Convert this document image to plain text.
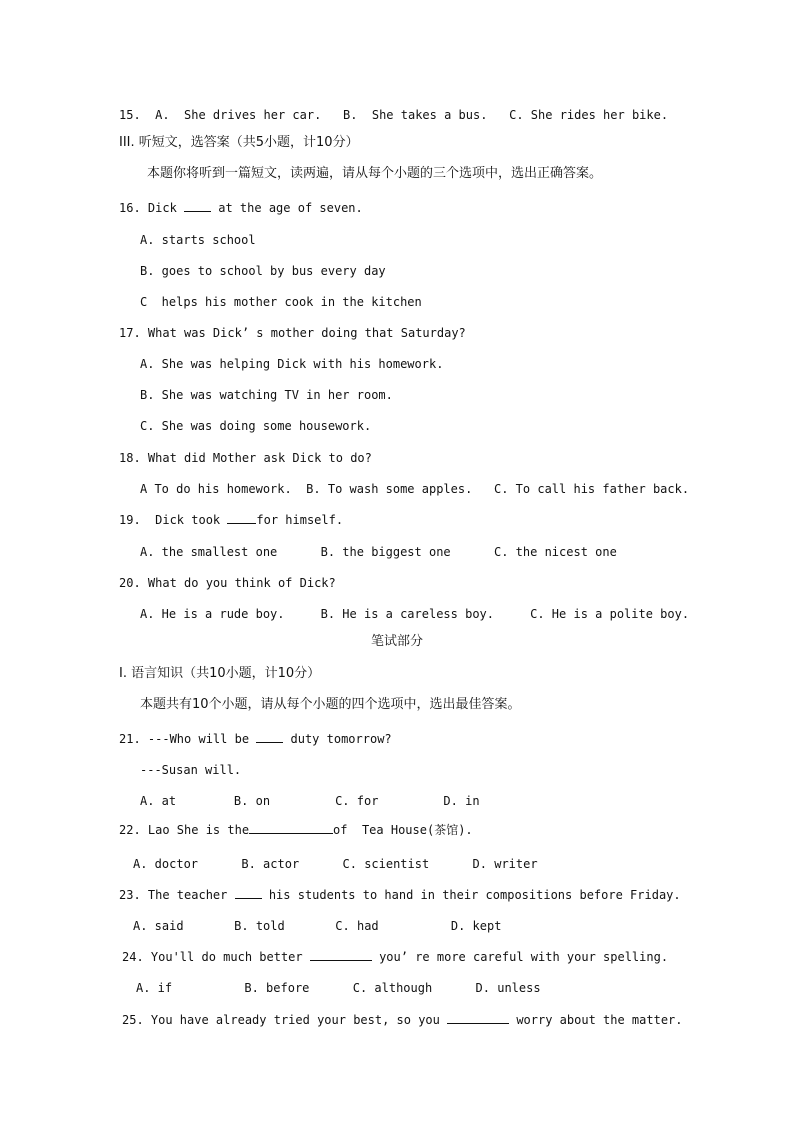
15.  A.  She drives her car.   B.  She takes a bus.   C. She rides her bike.
III. 听短文，选答案（共5小题，计10分）
本题你将听到一篇短文，读两遍，请从每个小题的三个选项中，选出正确答案。
16. Dick  at the age of seven.
A. starts school
B. goes to school by bus every day
C  helps his mother cook in the kitchen
17. What was Dick’ s mother doing that Saturday?
A. She was helping Dick with his homework.
B. She was watching TV in her room.
C. She was doing some housework.
18. What did Mother ask Dick to do?
A To do his homework.  B. To wash some apples.   C. To call his father back.
19.  Dick took for himself.
A. the smallest one      B. the biggest one      C. the nicest one
20. What do you think of Dick?
A. He is a rude boy.     B. He is a careless boy.     C. He is a polite boy.
笔试部分
I. 语言知识（共10小题，计10分）
本题共有10个小题，请从每个小题的四个选项中，选出最佳答案。
21. ---Who will be  duty tomorrow?
---Susan will.
A. at        B. on         C. for         D. in
22. Lao She is the	of  Tea House(茶馆).
A. doctor      B. actor      C. scientist      D. writer
23. The teacher  his students to hand in their compositions before Friday.
A. said       B. told       C. had          D. kept
24. You'll do much better	you’ re more careful with your spelling.
A. if          B. before      C. although      D. unless
25. You have already tried your best, so you	worry about the matter.
